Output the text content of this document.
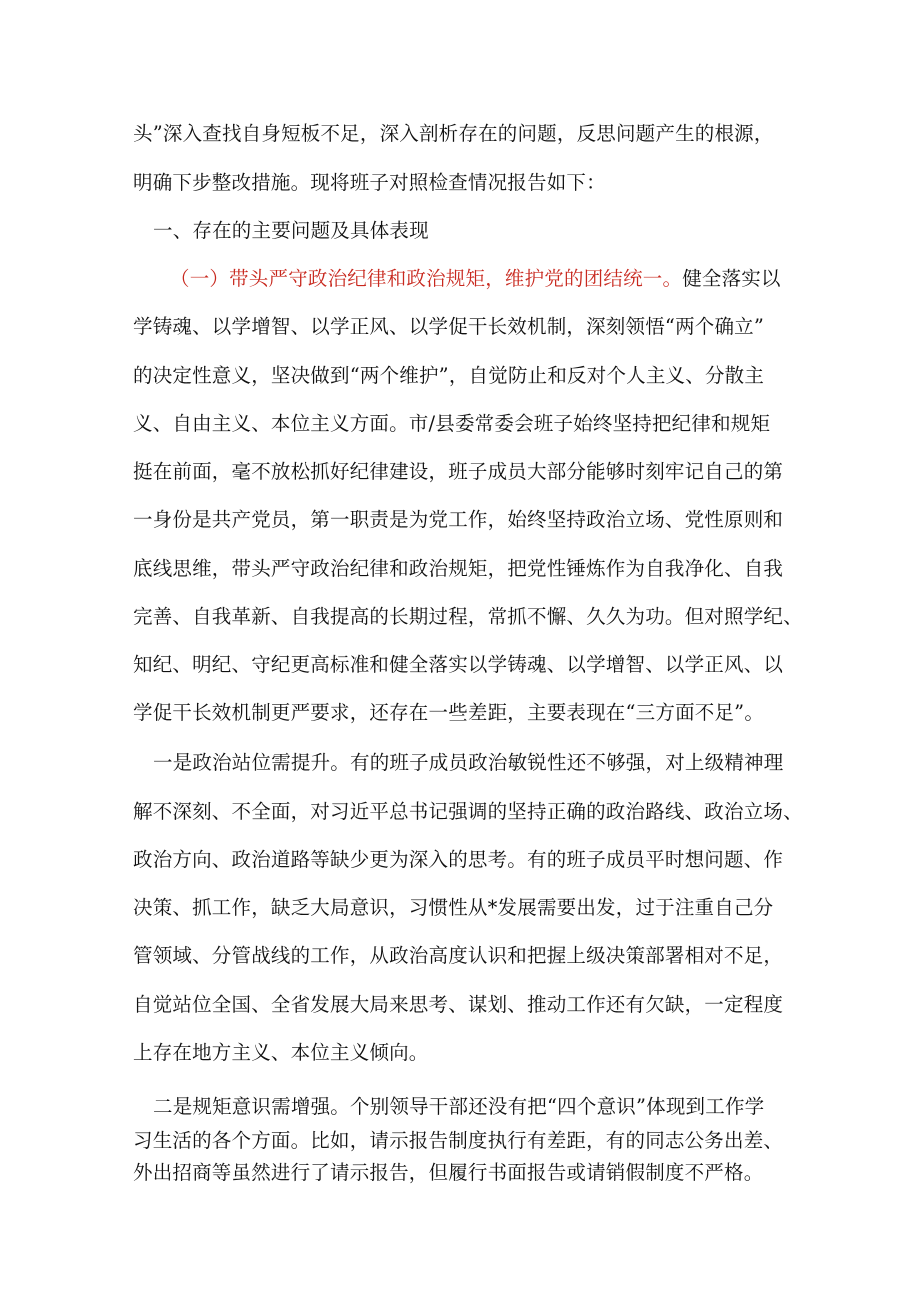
头”深入查找自身短板不足，深入剖析存在的问题，反思问题产生的根源，
明确下步整改措施。现将班子对照检查情况报告如下：
一、存在的主要问题及具体表现
（一）带头严守政治纪律和政治规矩，维护党的团结统一。健全落实以
学铸魂、以学增智、以学正风、以学促干长效机制，深刻领悟“两个确立”
的决定性意义，坚决做到“两个维护”，自觉防止和反对个人主义、分散主
义、自由主义、本位主义方面。市/县委常委会班子始终坚持把纪律和规矩
挺在前面，毫不放松抓好纪律建设，班子成员大部分能够时刻牢记自己的第
一身份是共产党员，第一职责是为党工作，始终坚持政治立场、党性原则和
底线思维，带头严守政治纪律和政治规矩，把党性锤炼作为自我净化、自我
完善、自我革新、自我提高的长期过程，常抓不懈、久久为功。但对照学纪、
知纪、明纪、守纪更高标准和健全落实以学铸魂、以学增智、以学正风、以
学促干长效机制更严要求，还存在一些差距，主要表现在“三方面不足”。
一是政治站位需提升。有的班子成员政治敏锐性还不够强，对上级精神理
解不深刻、不全面，对习近平总书记强调的坚持正确的政治路线、政治立场、
政治方向、政治道路等缺少更为深入的思考。有的班子成员平时想问题、作
决策、抓工作，缺乏大局意识，习惯性从*发展需要出发，过于注重自己分
管领域、分管战线的工作，从政治高度认识和把握上级决策部署相对不足，
自觉站位全国、全省发展大局来思考、谋划、推动工作还有欠缺，一定程度
上存在地方主义、本位主义倾向。
二是规矩意识需增强。个别领导干部还没有把“四个意识”体现到工作学
习生活的各个方面。比如，请示报告制度执行有差距，有的同志公务出差、
外出招商等虽然进行了请示报告，但履行书面报告或请销假制度不严格。
